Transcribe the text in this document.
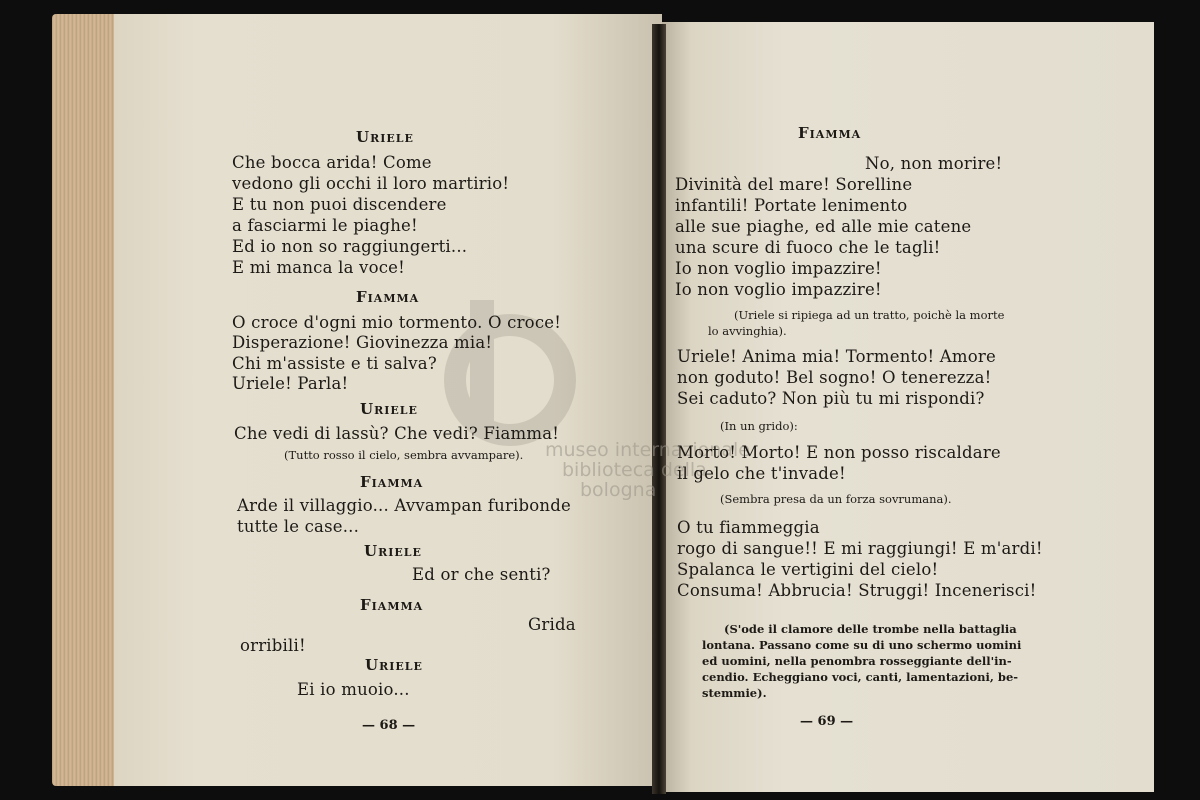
museo internazionale
biblioteca della
bologna
Uriele
Che bocca arida! Come
vedono gli occhi il loro martirio!
E tu non puoi discendere
a fasciarmi le piaghe!
Ed io non so raggiungerti...
E mi manca la voce!
Fiamma
O croce d'ogni mio tormento. O croce!
Disperazione! Giovinezza mia!
Chi m'assiste e ti salva?
Uriele! Parla!
Uriele
Che vedi di lassù? Che vedi? Fiamma!
(Tutto rosso il cielo, sembra avvampare).
Fiamma
Arde il villaggio... Avvampan furibonde
tutte le case...
Uriele
Ed or che senti?
Fiamma
Grida
orribili!
Uriele
Ei io muoio...
— 68 —
Fiamma
No, non morire!
Divinità del mare! Sorelline
infantili! Portate lenimento
alle sue piaghe, ed alle mie catene
una scure di fuoco che le tagli!
Io non voglio impazzire!
Io non voglio impazzire!
(Uriele si ripiega ad un tratto, poichè la morte
lo avvinghia).
Uriele! Anima mia! Tormento! Amore
non goduto! Bel sogno! O tenerezza!
Sei caduto? Non più tu mi rispondi?
(In un grido):
Morto! Morto! E non posso riscaldare
il gelo che t'invade!
(Sembra presa da un forza sovrumana).
O tu fiammeggia
rogo di sangue!! E mi raggiungi! E m'ardi!
Spalanca le vertigini del cielo!
Consuma! Abbrucia! Struggi! Incenerisci!
(S'ode il clamore delle trombe nella battaglia
lontana. Passano come su di uno schermo uomini
ed uomini, nella penombra rosseggiante dell'in-
cendio. Echeggiano voci, canti, lamentazioni, be-
stemmie).
— 69 —
